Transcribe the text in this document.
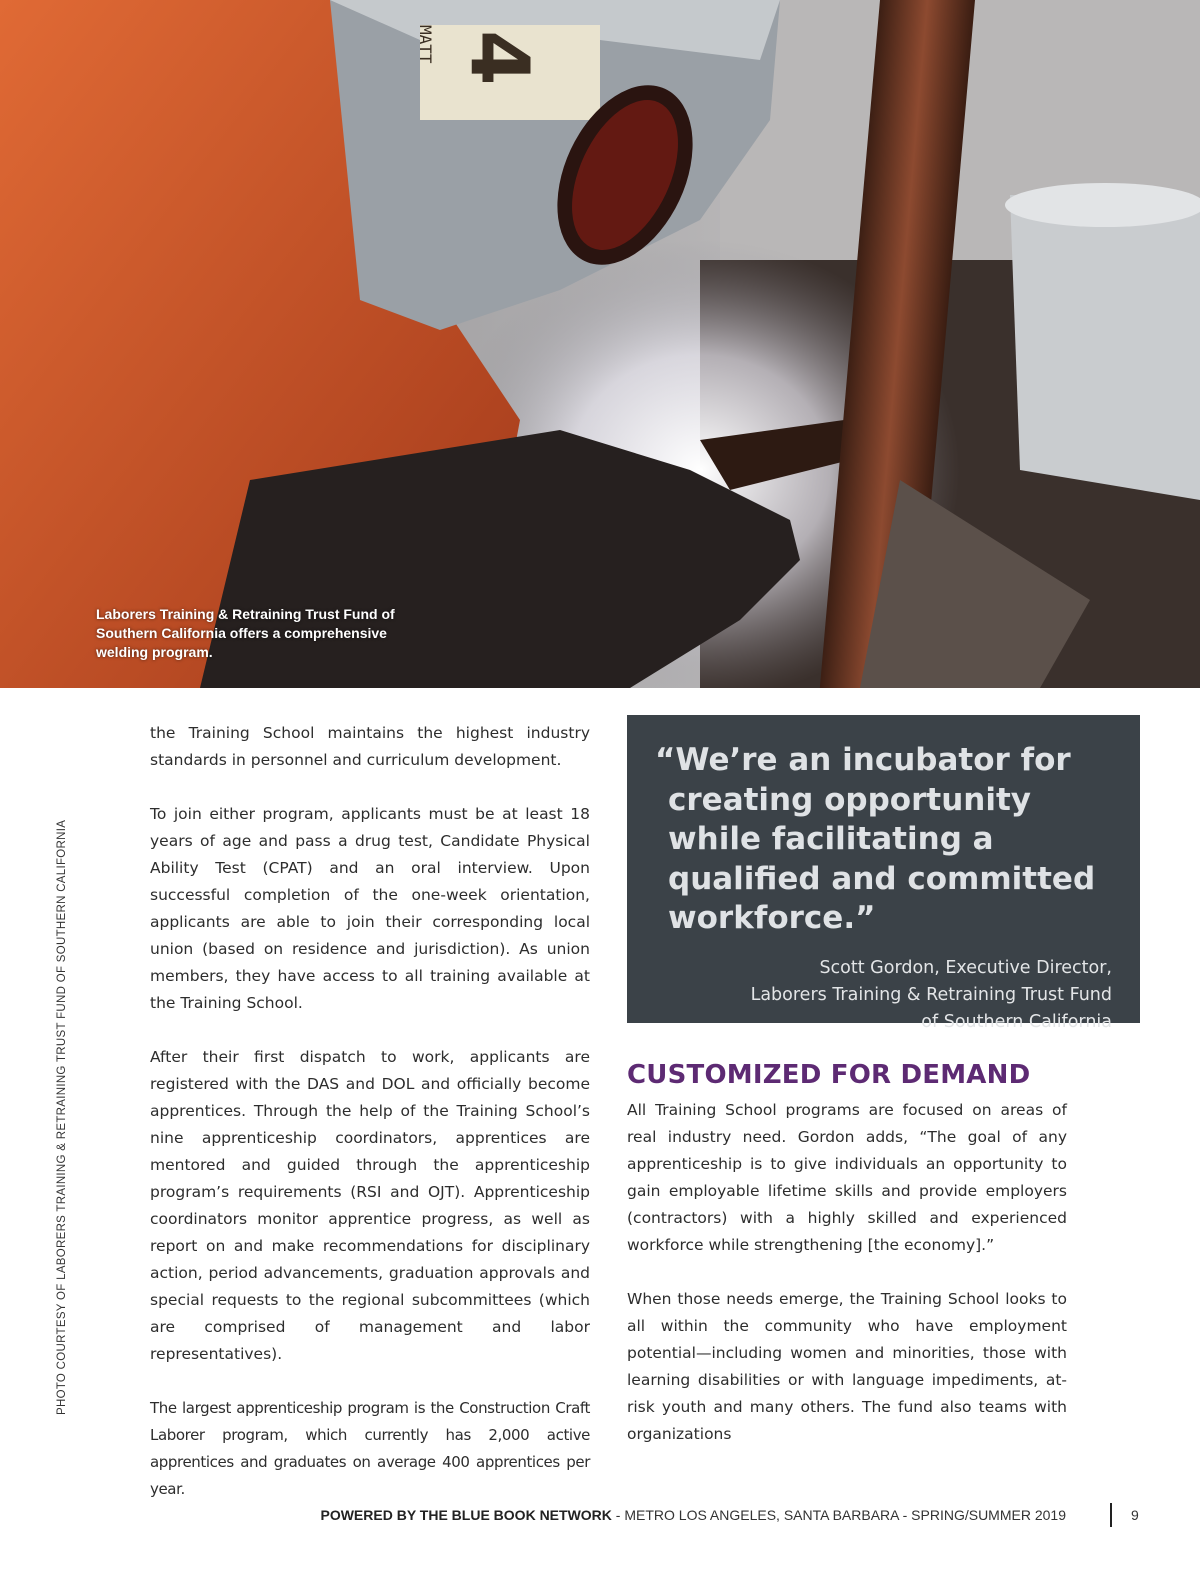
4
MATT
Laborers Training & Retraining Trust Fund of Southern California offers a comprehensive welding program.
PHOTO COURTESY OF LABORERS TRAINING & RETRAINING TRUST FUND OF SOUTHERN CALIFORNIA

the Training School maintains the highest industry standards in personnel and curriculum development.

To join either program, applicants must be at least 18 years of age and pass a drug test, Candidate Physical Ability Test (CPAT) and an oral interview. Upon successful completion of the one-week orientation, applicants are able to join their corresponding local union (based on residence and jurisdiction). As union members, they have access to all training available at the Training School.

After their first dispatch to work, applicants are registered with the DAS and DOL and officially become apprentices. Through the help of the Training School’s nine apprenticeship coordinators, apprentices are mentored and guided through the apprenticeship program’s requirements (RSI and OJT). Apprenticeship coordinators monitor apprentice progress, as well as report on and make recommendations for disciplinary action, period advancements, graduation approvals and special requests to the regional subcommittees (which are comprised of management and labor representatives).

The largest apprenticeship program is the Construction Craft Laborer program, which currently has 2,000 active apprentices and graduates on average 400 apprentices per year.

“We’re an incubator for creating opportunity while facilitating a qualified and committed workforce.”
Scott Gordon, Executive Director,
Laborers Training & Retraining Trust Fund
of Southern California
CUSTOMIZED FOR DEMAND

All Training School programs are focused on areas of real industry need. Gordon adds, “The goal of any apprenticeship is to give individuals an opportunity to gain employable lifetime skills and provide employers (contractors) with a highly skilled and experienced workforce while strengthening [the economy].”

When those needs emerge, the Training School looks to all within the community who have employment potential—including women and minorities, those with learning disabilities or with language impediments, at-risk youth and many others. The fund also teams with organizations

POWERED BY THE BLUE BOOK NETWORK - METRO LOS ANGELES, SANTA BARBARA - SPRING/SUMMER 2019	9
